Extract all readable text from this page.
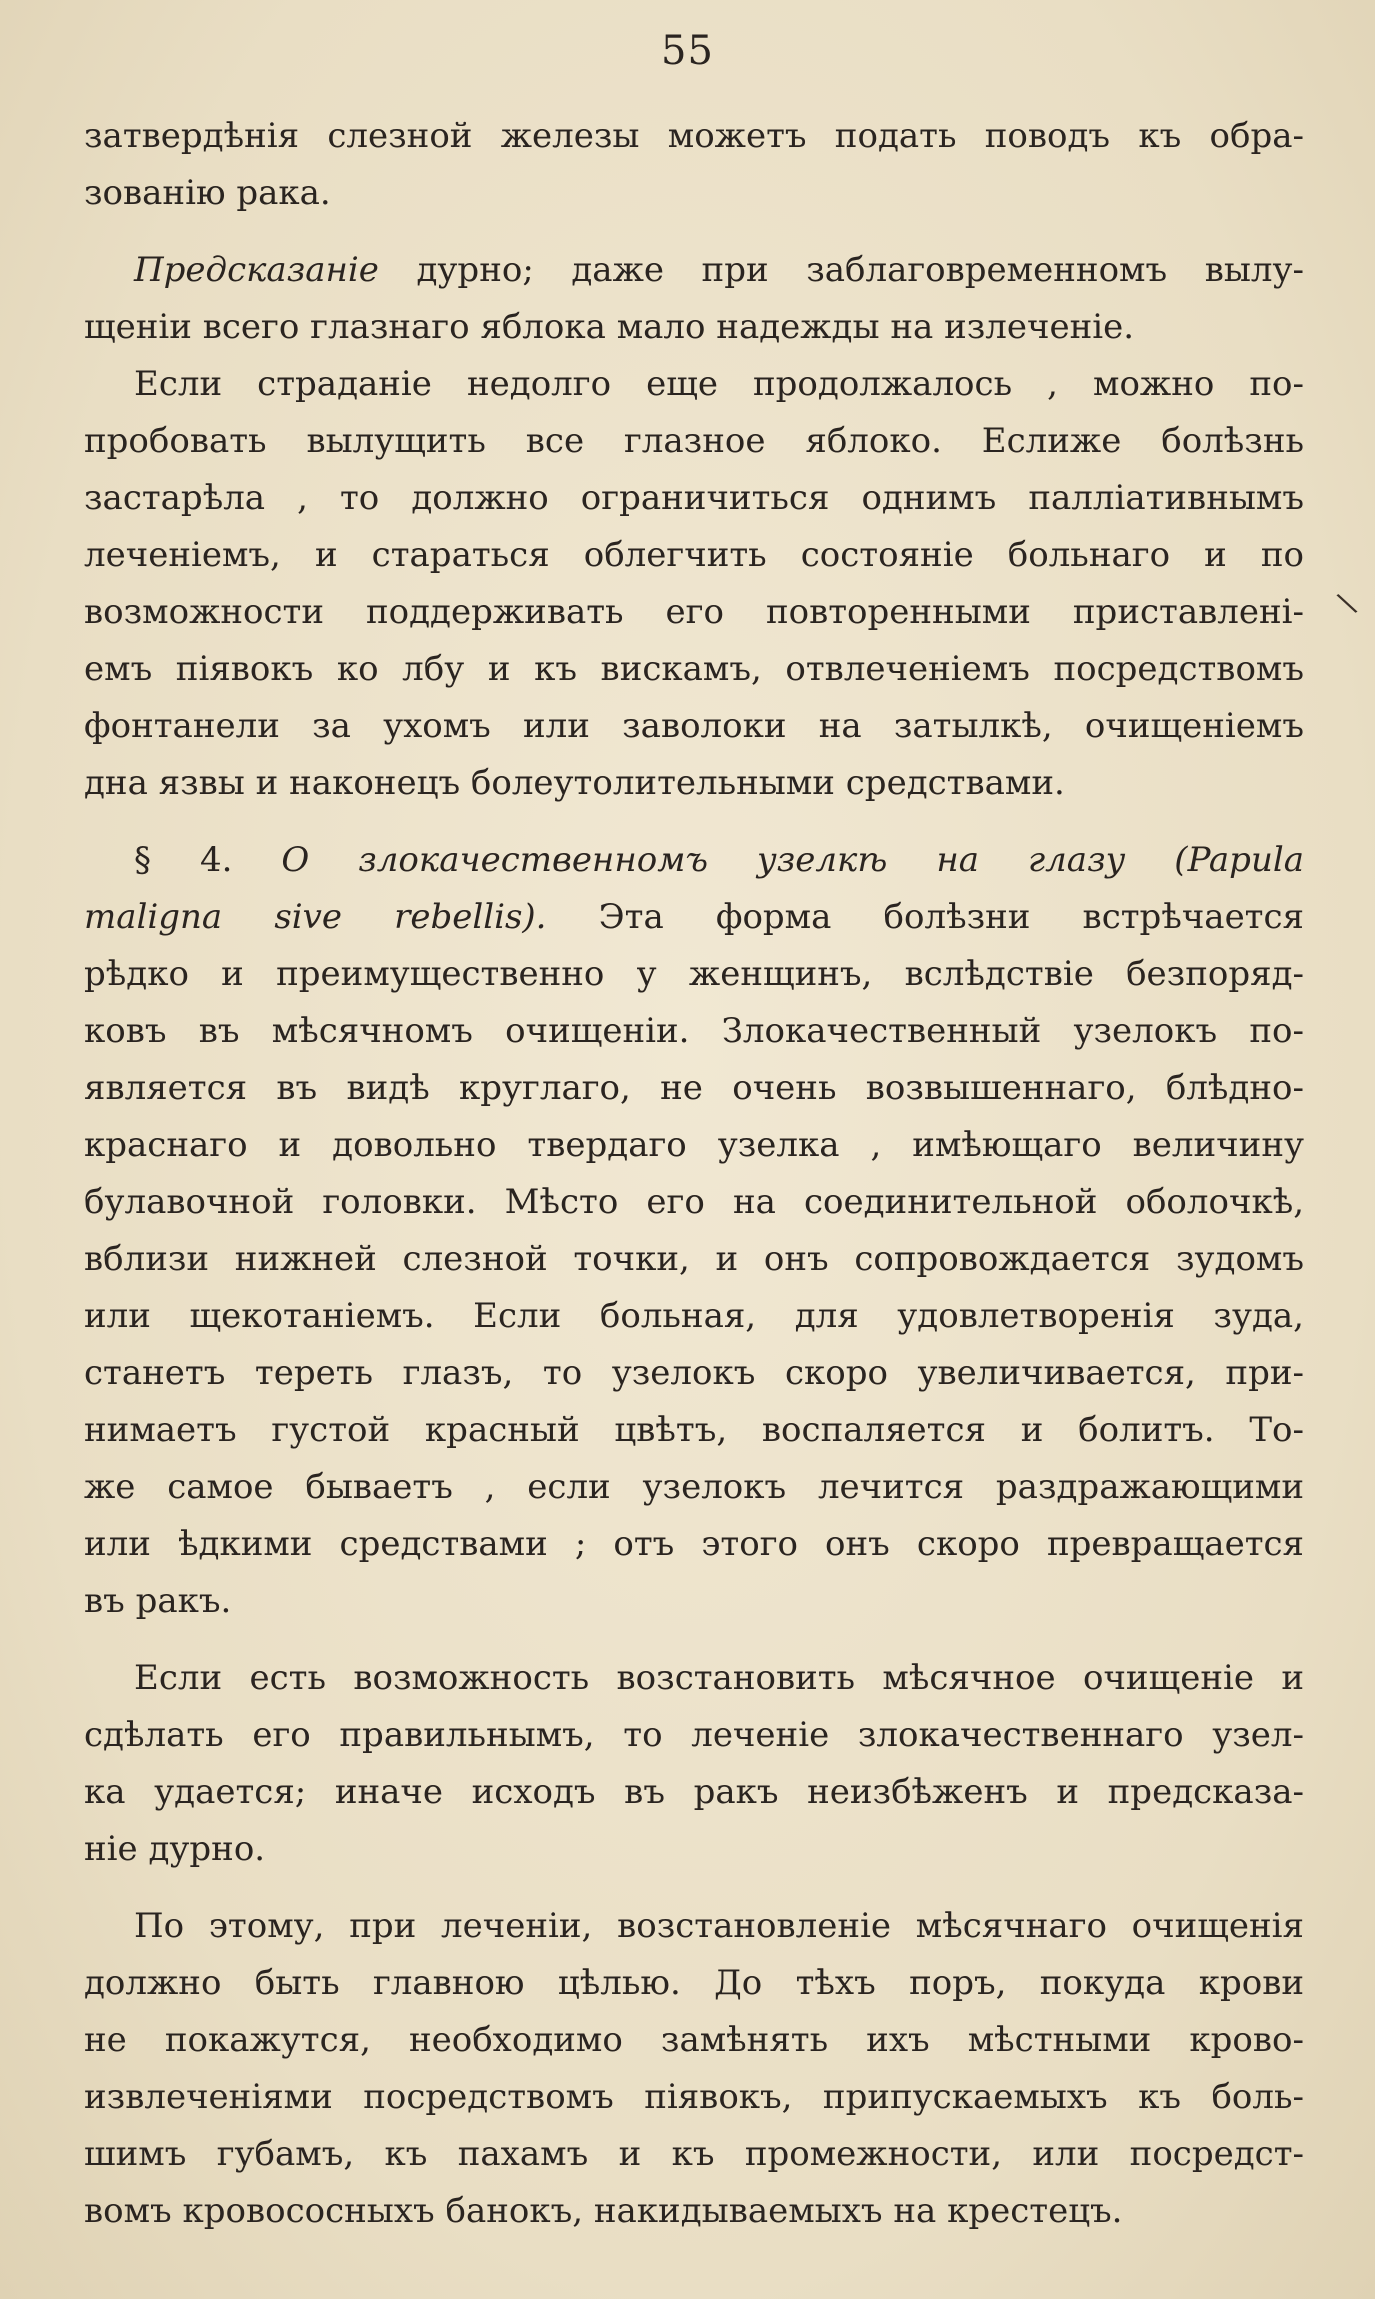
55
затвердѣнія слезной железы можетъ подать поводъ къ обра-
зованію рака.
Предсказаніе дурно; даже при заблаговременномъ вылу-
щеніи всего глазнаго яблока мало надежды на излеченіе.
Если страданіе недолго еще продолжалось , можно по-
пробовать вылущить все глазное яблоко. Еслиже болѣзнь
застарѣла , то должно ограничиться однимъ палліативнымъ
леченіемъ, и стараться облегчить состояніе больнаго и по
возможности поддерживать его повторенными приставлені-
емъ піявокъ ко лбу и къ вискамъ, отвлеченіемъ посредствомъ
фонтанели за ухомъ или заволоки на затылкѣ, очищеніемъ
дна язвы и наконецъ болеутолительными средствами.
§ 4. О злокачественномъ узелкѣ на глазу (Papula
maligna sive rebellis). Эта форма болѣзни встрѣчается
рѣдко и преимущественно у женщинъ, вслѣдствіе безпоряд-
ковъ въ мѣсячномъ очищеніи. Злокачественный узелокъ по-
является въ видѣ круглаго, не очень возвышеннаго, блѣдно-
краснаго и довольно твердаго узелка , имѣющаго величину
булавочной головки. Мѣсто его на соединительной оболочкѣ,
вблизи нижней слезной точки, и онъ сопровождается зудомъ
или щекотаніемъ. Если больная, для удовлетворенія зуда,
станетъ тереть глазъ, то узелокъ скоро увеличивается, при-
нимаетъ густой красный цвѣтъ, воспаляется и болитъ. То-
же самое бываетъ , если узелокъ лечится раздражающими
или ѣдкими средствами ; отъ этого онъ скоро превращается
въ ракъ.
Если есть возможность возстановить мѣсячное очищеніе и
сдѣлать его правильнымъ, то леченіе злокачественнаго узел-
ка удается; иначе исходъ въ ракъ неизбѣженъ и предсказа-
ніе дурно.
По этому, при леченіи, возстановленіе мѣсячнаго очищенія
должно быть главною цѣлью. До тѣхъ поръ, покуда крови
не покажутся, необходимо замѣнять ихъ мѣстными крово-
извлеченіями посредствомъ піявокъ, припускаемыхъ къ боль-
шимъ губамъ, къ пахамъ и къ промежности, или посредст-
вомъ кровососныхъ банокъ, накидываемыхъ на крестецъ.
\
